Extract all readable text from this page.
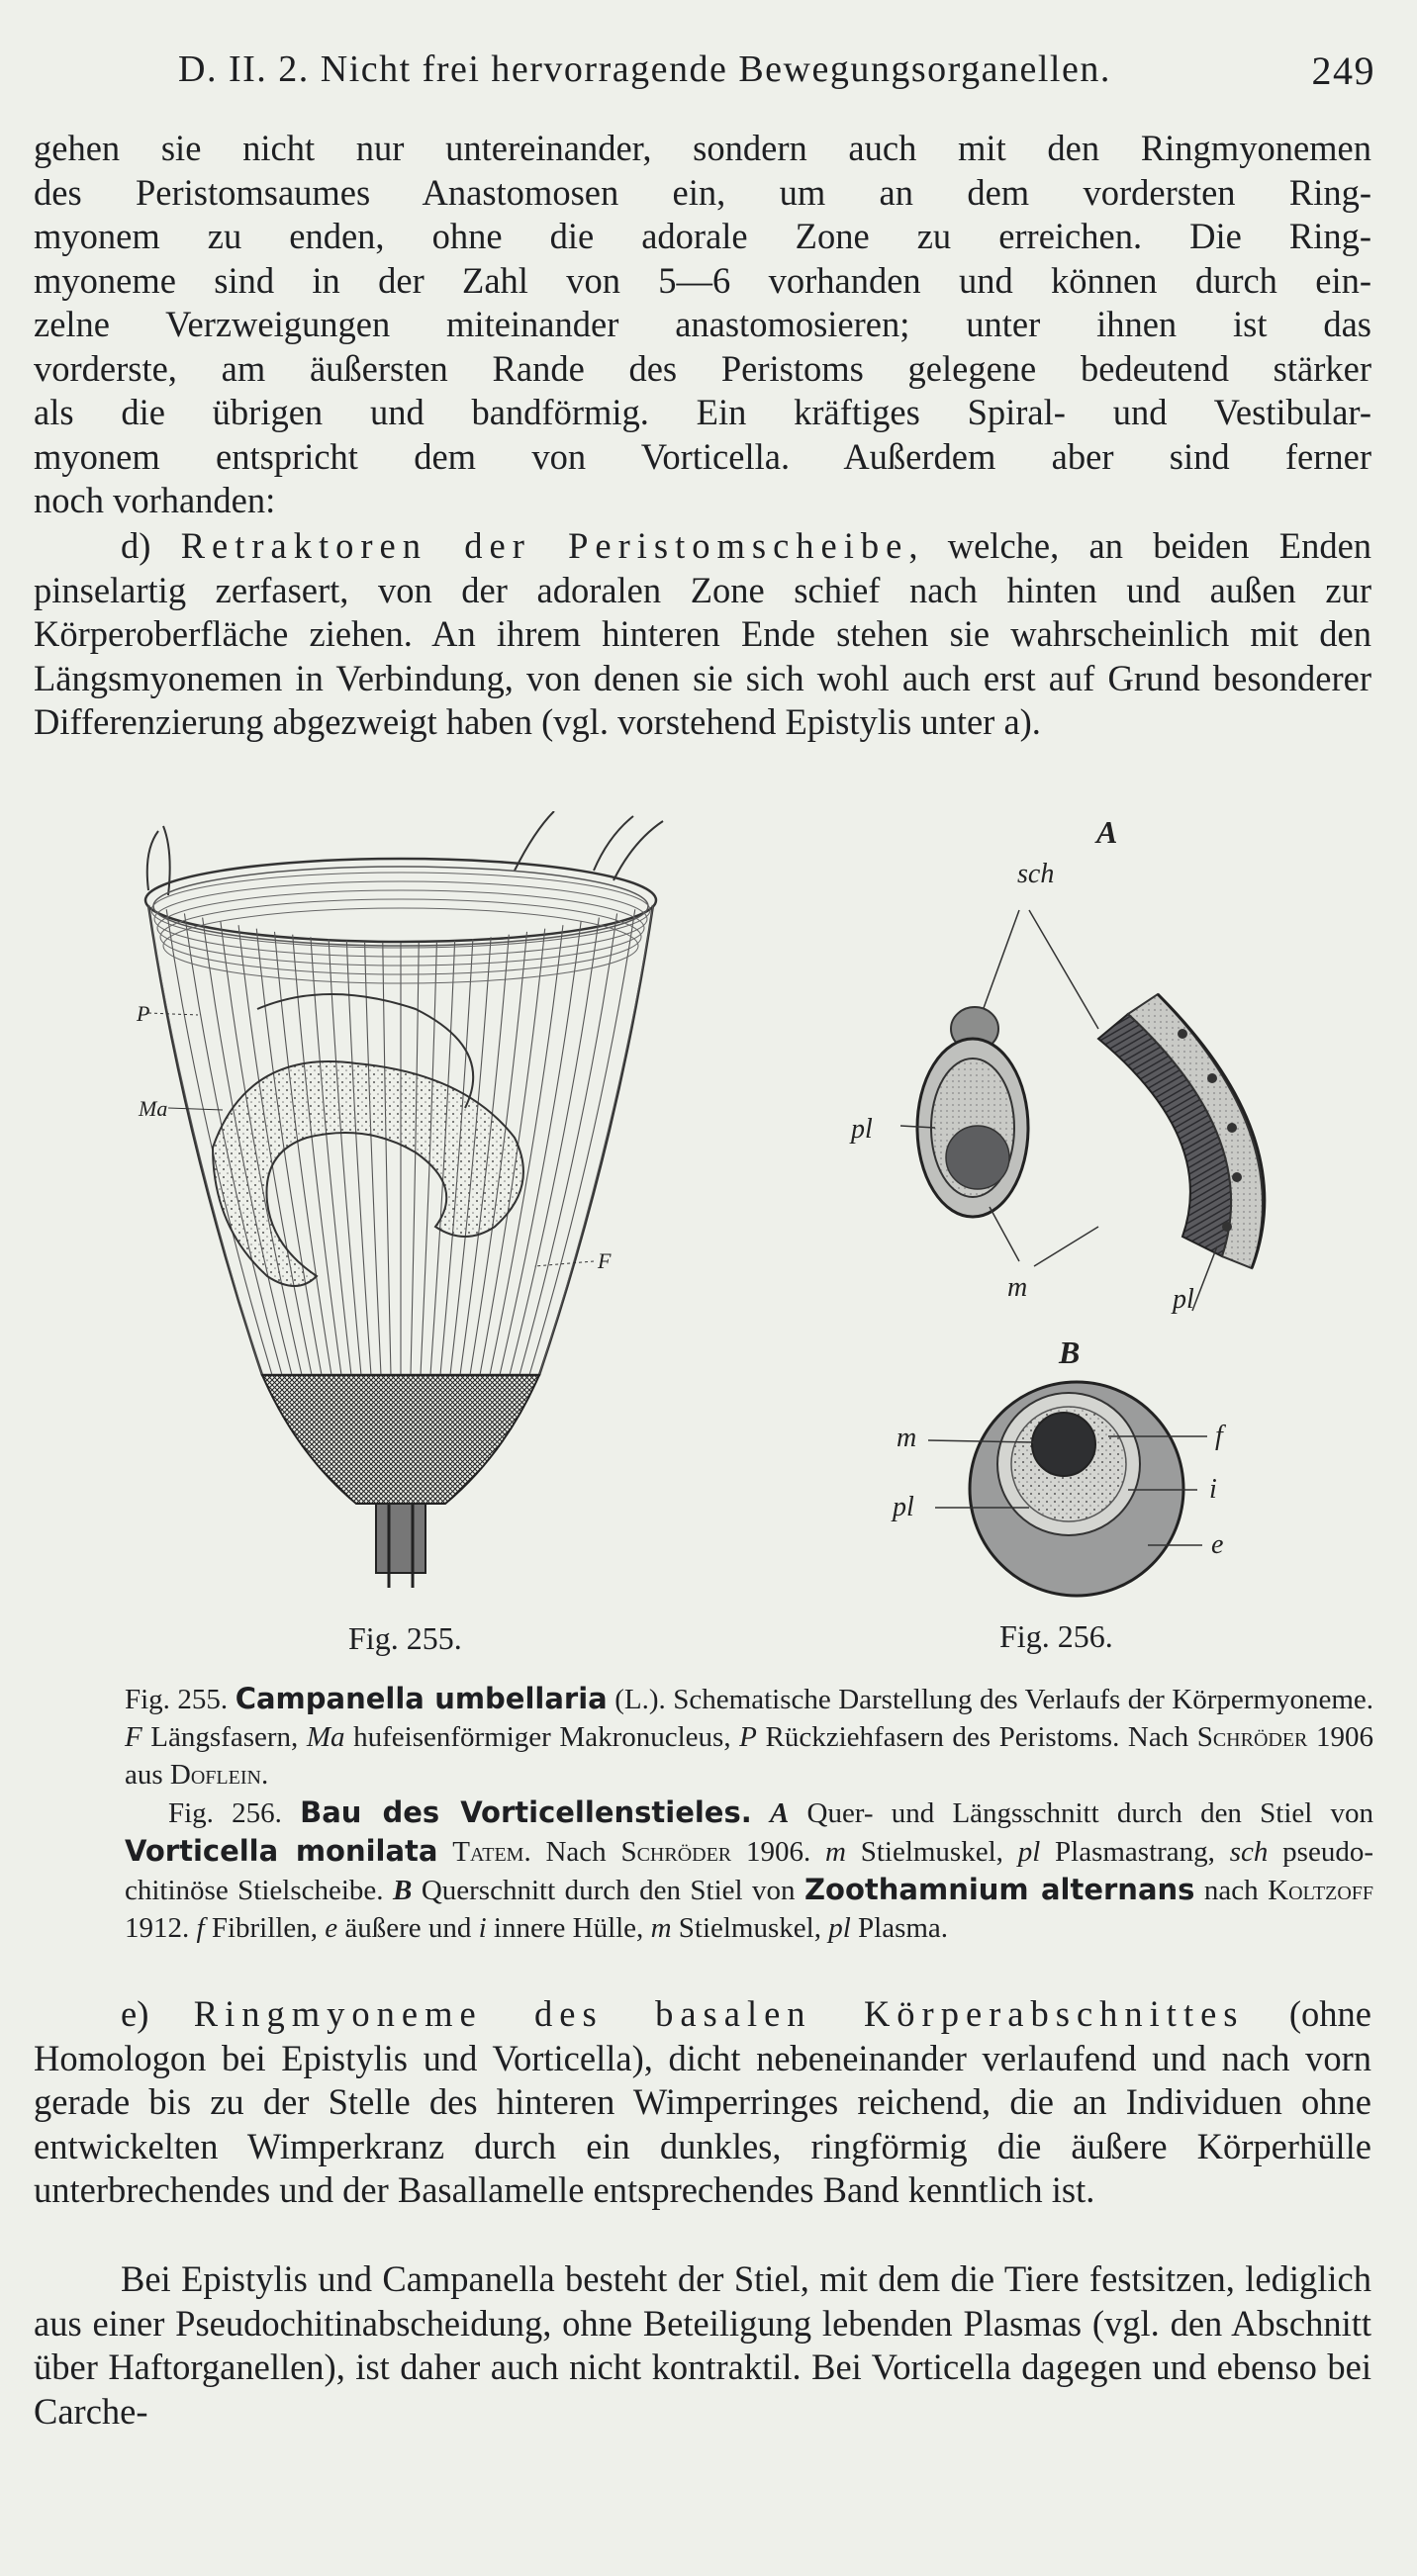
D. II. 2. Nicht frei hervorragende Bewegungsorganellen.	249

gehen sie nicht nur untereinander, sondern auch mit den Ringmyonemen
des Peristomsaumes Anastomosen ein, um an dem vordersten Ring-
myonem zu enden, ohne die adorale Zone zu erreichen. Die Ring-
myoneme sind in der Zahl von 5—6 vorhanden und können durch ein-
zelne Verzweigungen miteinander anastomosieren; unter ihnen ist das
vorderste, am äußersten Rande des Peristoms gelegene bedeutend stärker
als die übrigen und bandförmig. Ein kräftiges Spiral- und Vestibular-
myonem entspricht dem von Vorticella. Außerdem aber sind ferner
noch vorhanden:

d) Retraktoren der Peristomscheibe, welche, an beiden Enden pinselartig zerfasert, von der adoralen Zone schief nach hinten und außen zur Körperoberfläche ziehen. An ihrem hinteren Ende stehen sie wahrscheinlich mit den Längsmyonemen in Verbindung, von denen sie sich wohl auch erst auf Grund besonderer Differenzierung abgezweigt haben (vgl. vorstehend Epistylis unter a).

P
Ma
F
A
sch
pl
m	pl
B
m	f
i
e
pl
Fig. 255.	Fig. 256.

Fig. 255. Campanella umbellaria (L.). Schematische Darstellung des Verlaufs der Körpermyoneme. F Längsfasern, Ma hufeisenförmiger Makronucleus, P Rückziehfasern des Peristoms. Nach Schröder 1906 aus Doflein.

Fig. 256. Bau des Vorticellenstieles. A Quer- und Längsschnitt durch den Stiel von Vorticella monilata Tatem. Nach Schröder 1906. m Stielmuskel, pl Plasmastrang, sch pseudo-chitinöse Stielscheibe. B Querschnitt durch den Stiel von Zoothamnium alternans nach Koltzoff 1912. f Fibrillen, e äußere und i innere Hülle, m Stielmuskel, pl Plasma.

e) Ringmyoneme des basalen Körperabschnittes (ohne Homologon bei Epistylis und Vorticella), dicht nebeneinander verlaufend und nach vorn gerade bis zu der Stelle des hinteren Wimperringes reichend, die an Individuen ohne entwickelten Wimperkranz durch ein dunkles, ringförmig die äußere Körperhülle unterbrechendes und der Basallamelle entsprechendes Band kenntlich ist.

Bei Epistylis und Campanella besteht der Stiel, mit dem die Tiere festsitzen, lediglich aus einer Pseudochitinabscheidung, ohne Beteiligung lebenden Plasmas (vgl. den Abschnitt über Haftorganellen), ist daher auch nicht kontraktil. Bei Vorticella dagegen und ebenso bei Carche-
